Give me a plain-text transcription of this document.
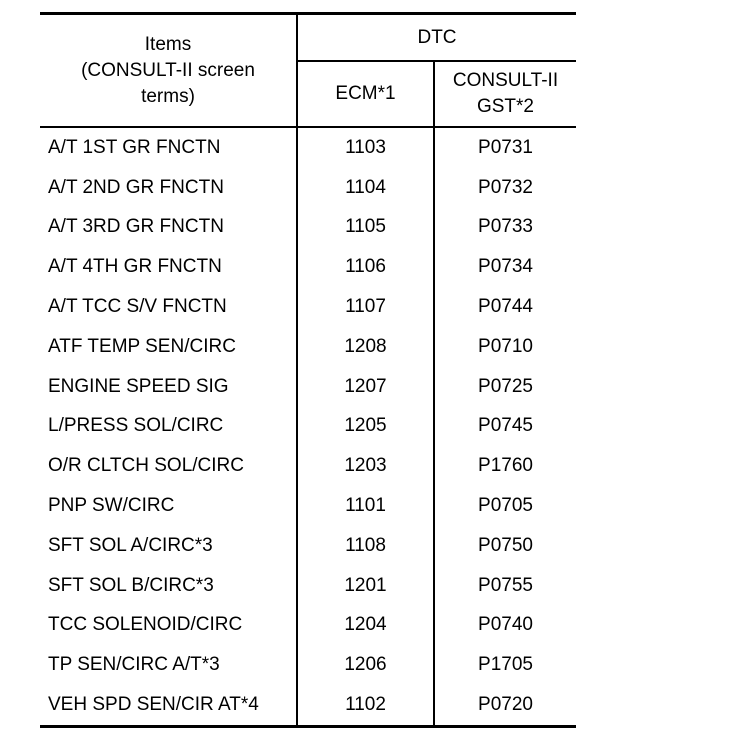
Items
(CONSULT-II screen
terms)	DTC	
	ECM*1	CONSULT-II
GST*2

A/T 1ST GR FNCTN	1103	P0731
A/T 2ND GR FNCTN	1104	P0732
A/T 3RD GR FNCTN	1105	P0733
A/T 4TH GR FNCTN	1106	P0734
A/T TCC S/V FNCTN	1107	P0744
ATF TEMP SEN/CIRC	1208	P0710
ENGINE SPEED SIG	1207	P0725
L/PRESS SOL/CIRC	1205	P0745
O/R CLTCH SOL/CIRC	1203	P1760
PNP SW/CIRC	1101	P0705
SFT SOL A/CIRC*3	1108	P0750
SFT SOL B/CIRC*3	1201	P0755
TCC SOLENOID/CIRC	1204	P0740
TP SEN/CIRC A/T*3	1206	P1705
VEH SPD SEN/CIR AT*4	1102	P0720
